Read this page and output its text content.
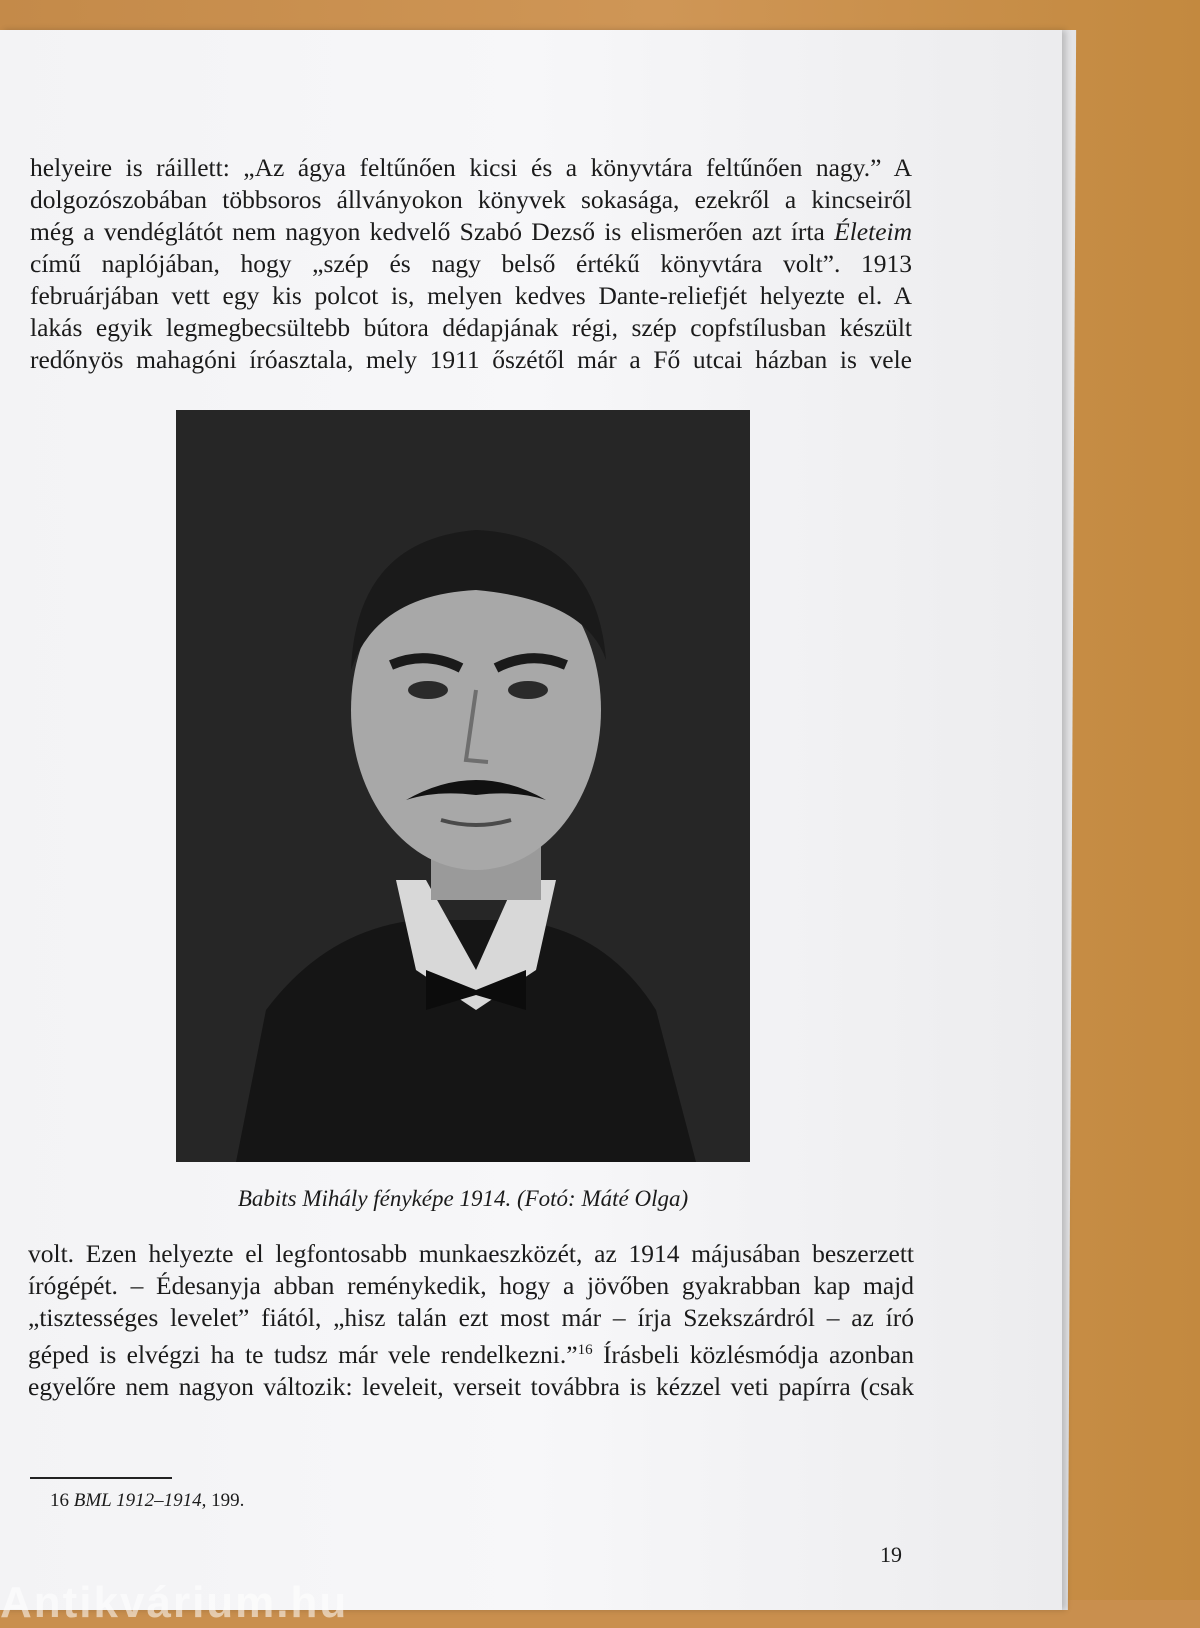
helyeire is ráillett: „Az ágya feltűnően kicsi és a könyvtára feltűnően nagy.” A
dolgozószobában többsoros állványokon könyvek sokasága, ezekről a kincseiről
még a vendéglátót nem nagyon kedvelő Szabó Dezső is elismerően azt írta Életeim
című naplójában, hogy „szép és nagy belső értékű könyvtára volt”. 1913
februárjában vett egy kis polcot is, melyen kedves Dante-reliefjét helyezte el. A
lakás egyik legmegbecsültebb bútora dédapjának régi, szép copfstílusban készült
redőnyös mahagóni íróasztala, mely 1911 őszétől már a Fő utcai házban is vele
Babits Mihály fényképe 1914. (Fotó: Máté Olga)
volt. Ezen helyezte el legfontosabb munkaeszközét, az 1914 májusában beszerzett
írógépét. – Édesanyja abban reménykedik, hogy a jövőben gyakrabban kap majd
„tisztességes levelet” fiától, „hisz talán ezt most már – írja Szekszárdról – az író
géped is elvégzi ha te tudsz már vele rendelkezni.”$^{16}$ Írásbeli közlésmódja azonban
egyelőre nem nagyon változik: leveleit, verseit továbbra is kézzel veti papírra (csak
16 BML 1912–1914, 199.
19
Antikvárium.hu
